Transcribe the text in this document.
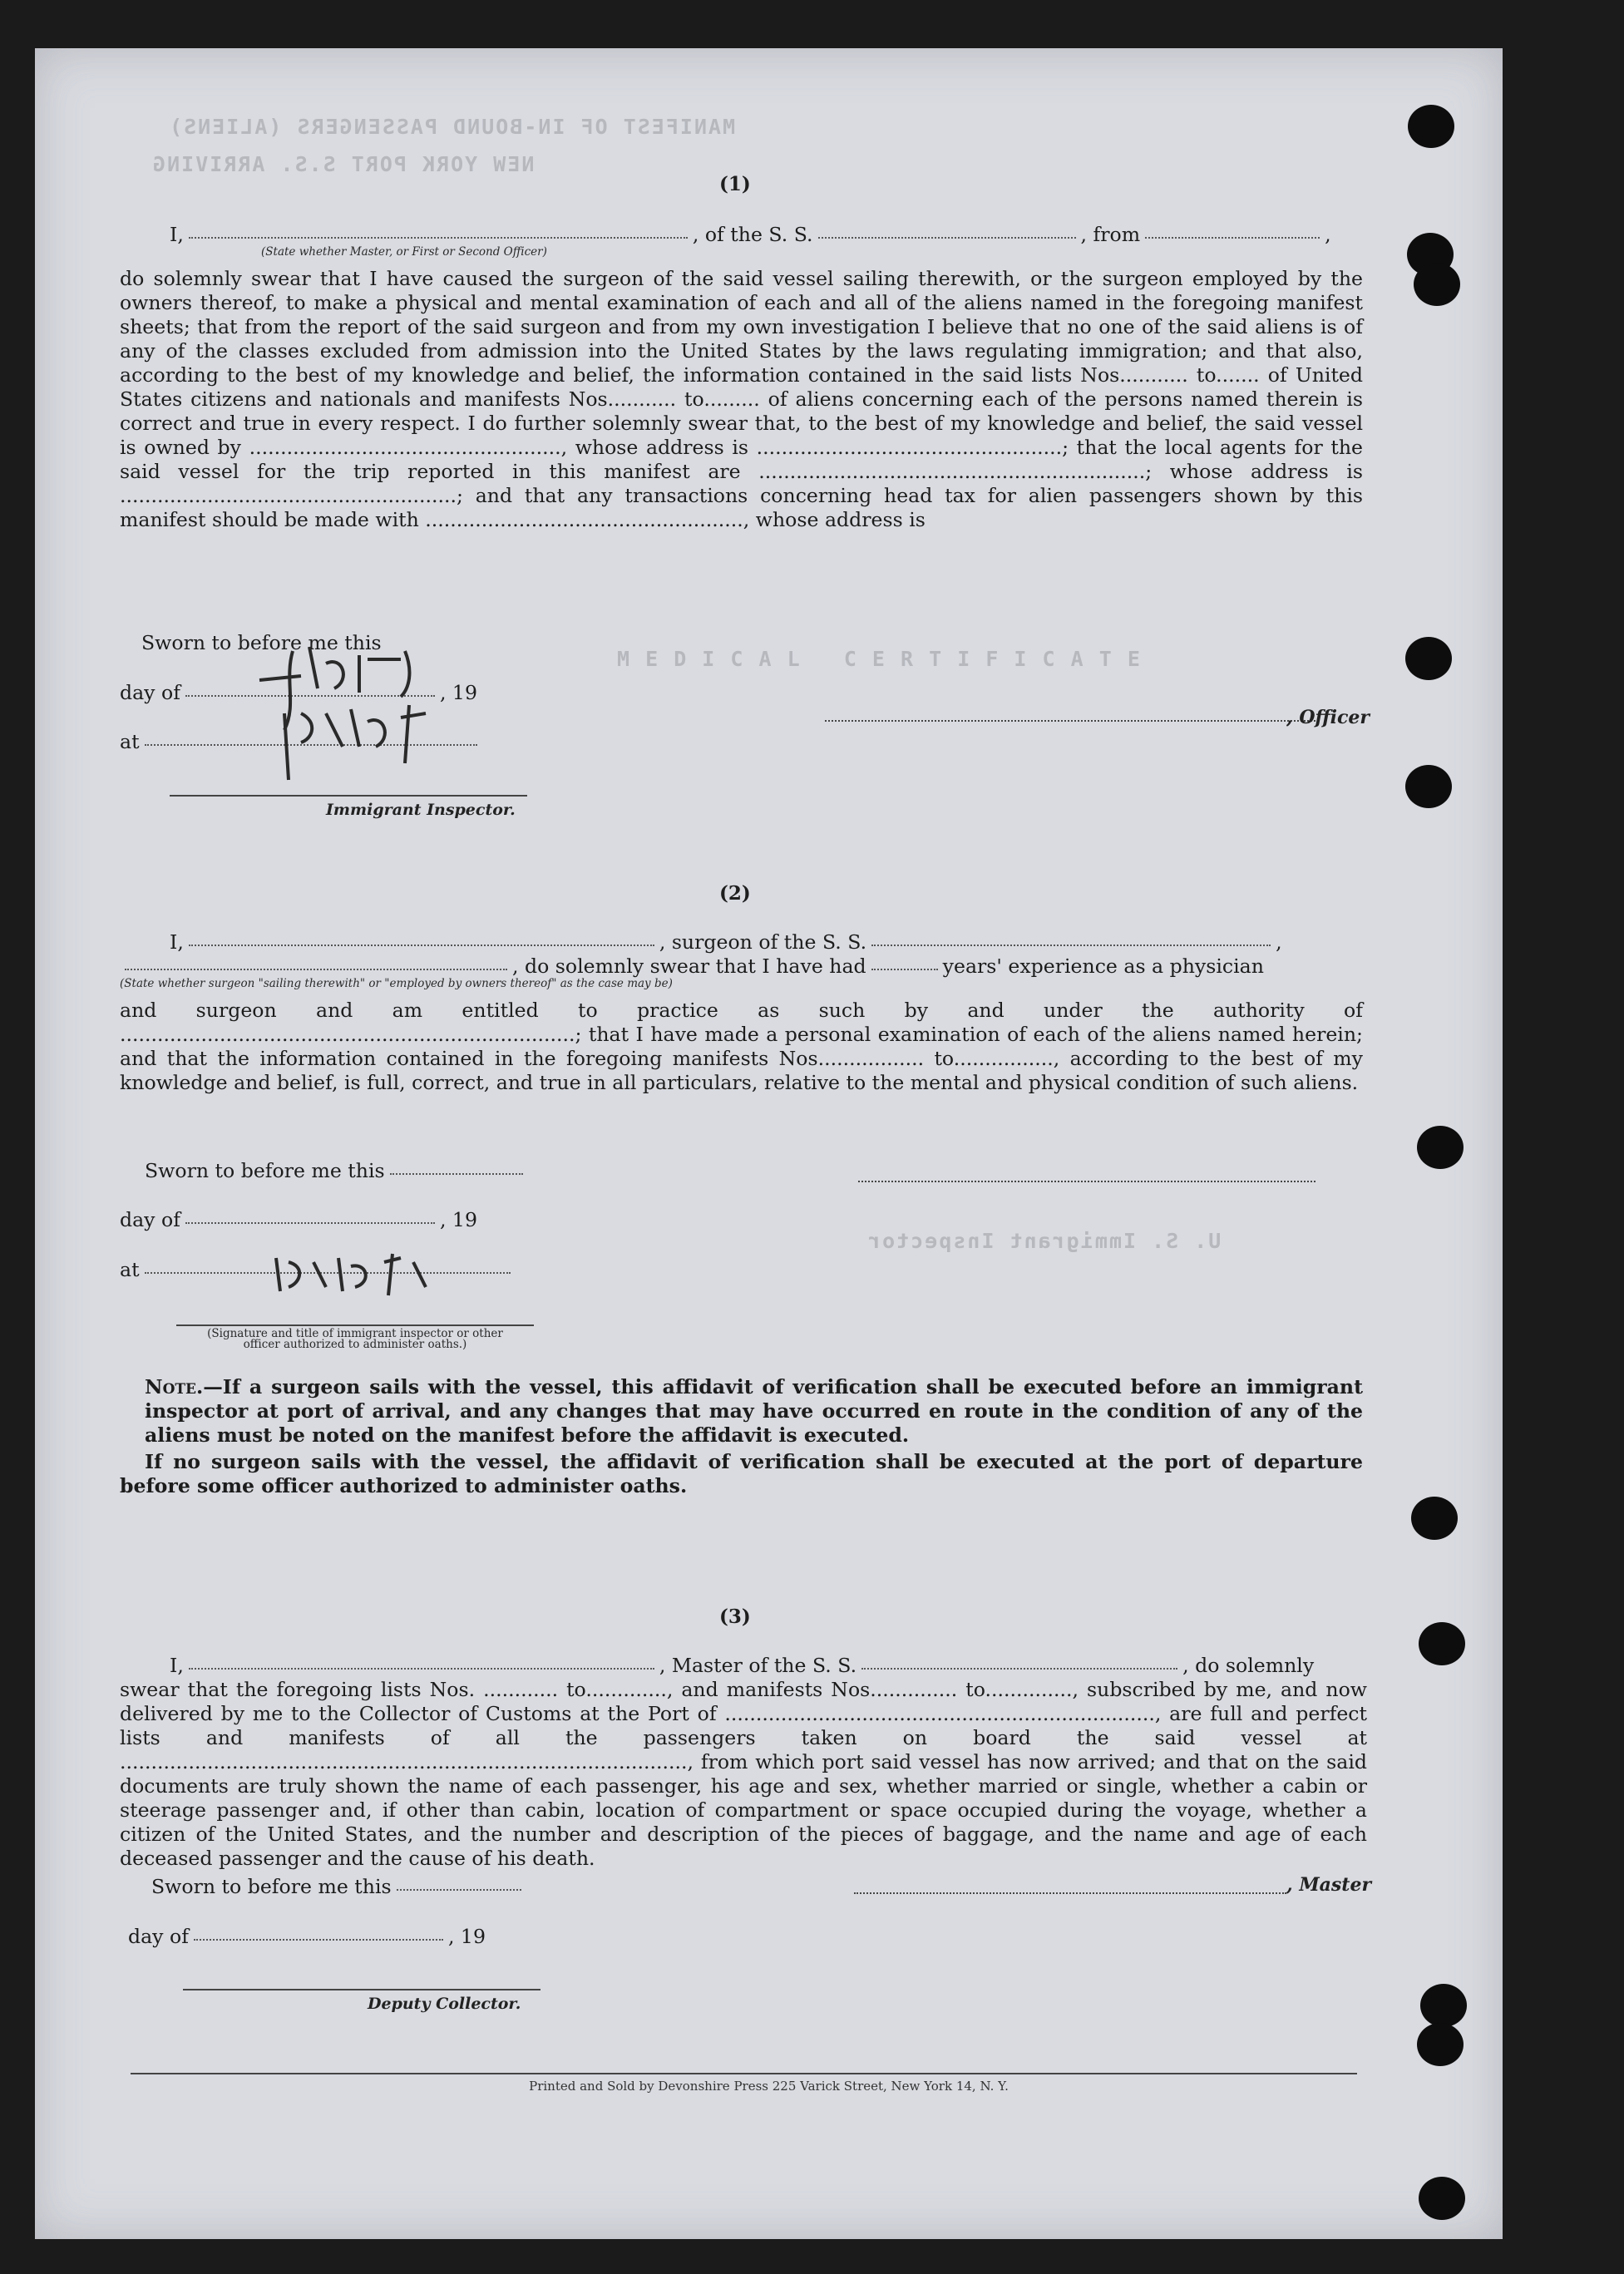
MANIFEST OF IN-BOUND PASSENGERS (ALIENS)
NEW YORK PORT S.S. ARRIVING
M E D I C A L   C E R T I F I C A T E
U. S. Immigrant Inspector
(1)
I,	, of the S. S.	, from	,
(State whether Master, or First or Second Officer)

do solemnly swear that I have caused the surgeon of the said vessel sailing therewith, or the surgeon employed by the owners thereof, to make a physical and mental examination of each and all of the aliens named in the foregoing manifest sheets; that from the report of the said surgeon and from my own investigation I believe that no one of the said aliens is of any of the classes excluded from admission into the United States by the laws regulating immigration; and that also, according to the best of my knowledge and belief, the information contained in the said lists Nos........... to....... of United States citizens and nationals and manifests Nos........... to......... of aliens concerning each of the persons named therein is correct and true in every respect. I do further solemnly swear that, to the best of my knowledge and belief, the said vessel is owned by .................................................., whose address is .................................................; that the local agents for the said vessel for the trip reported in this manifest are ..............................................................; whose address is ......................................................; and that any transactions concerning head tax for alien passengers shown by this manifest should be made with ..................................................., whose address is

Sworn to before me this
day of	, 19
at
Immigrant Inspector.
, Officer
(2)
I,	, surgeon of the S. S.	,
, do solemnly swear that I have had	years' experience as a physician
(State whether surgeon "sailing therewith" or "employed by owners thereof" as the case may be)

and surgeon and am entitled to practice as such by and under the authority of .........................................................................; that I have made a personal examination of each of the aliens named herein; and that the information contained in the foregoing manifests Nos................. to................, according to the best of my knowledge and belief, is full, correct, and true in all particulars, relative to the mental and physical condition of such aliens.

Sworn to before me this
day of	, 19
at
(Signature and title of immigrant inspector or other officer authorized to administer oaths.)
Note.—If a surgeon sails with the vessel, this affidavit of verification shall be executed before an immigrant inspector at port of arrival, and any changes that may have occurred en route in the condition of any of the aliens must be noted on the manifest before the affidavit is executed.
If no surgeon sails with the vessel, the affidavit of verification shall be executed at the port of departure before some officer authorized to administer oaths.
(3)
I,	, Master of the S. S.	, do solemnly

swear that the foregoing lists Nos. ............ to............., and manifests Nos.............. to.............., subscribed by me, and now delivered by me to the Collector of Customs at the Port of ....................................................................., are full and perfect lists and manifests of all the passengers taken on board the said vessel at ..........................................................................................., from which port said vessel has now arrived; and that on the said documents are truly shown the name of each passenger, his age and sex, whether married or single, whether a cabin or steerage passenger and, if other than cabin, location of compartment or space occupied during the voyage, whether a citizen of the United States, and the number and description of the pieces of baggage, and the name and age of each deceased passenger and the cause of his death.

Sworn to before me this
day of	, 19
Deputy Collector.
, Master
Printed and Sold by Devonshire Press 225 Varick Street, New York 14, N. Y.
